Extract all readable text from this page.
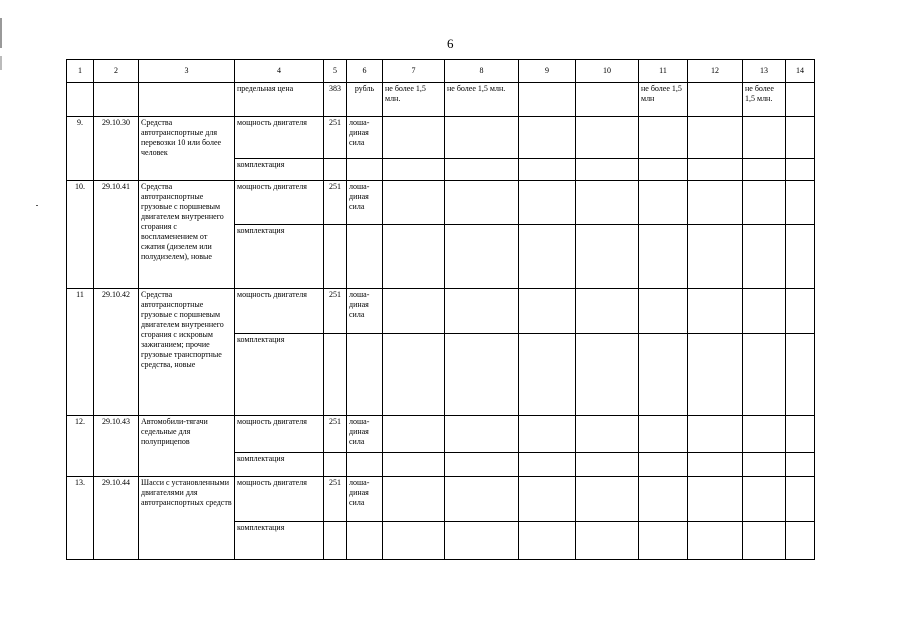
6
1	2	3	4	5	6	7	8	9	10	11	12	13	14
			предельная цена	383	рубль	не более 1,5 млн.	не более 1,5 млн.			не более 1,5 млн		не более 1,5 млн.	
9.	29.10.30	Средства автотранспортные для перевозки 10 или более человек	мощность двигателя	251	лоша-диная сила								
			комплектация										
10.	29.10.41	Средства автотранспортные грузовые с поршневым двигателем внутреннего сгорания с воспламенением от сжатия (дизелем или полудизелем), новые	мощность двигателя	251	лоша-диная сила								
			комплектация										
11	29.10.42	Средства автотранспортные грузовые с поршневым двигателем внутреннего сгорания с искровым зажиганием; прочие грузовые транспортные средства, новые	мощность двигателя	251	лоша-диная сила								
			комплектация										
12.	29.10.43	Автомобили-тягачи седельные для полуприцепов	мощность двигателя	251	лоша-диная сила								
			комплектация										
13.	29.10.44	Шасси с установленными двигателями для автотранспортных средств	мощность двигателя	251	лоша-диная сила								
			комплектация										
